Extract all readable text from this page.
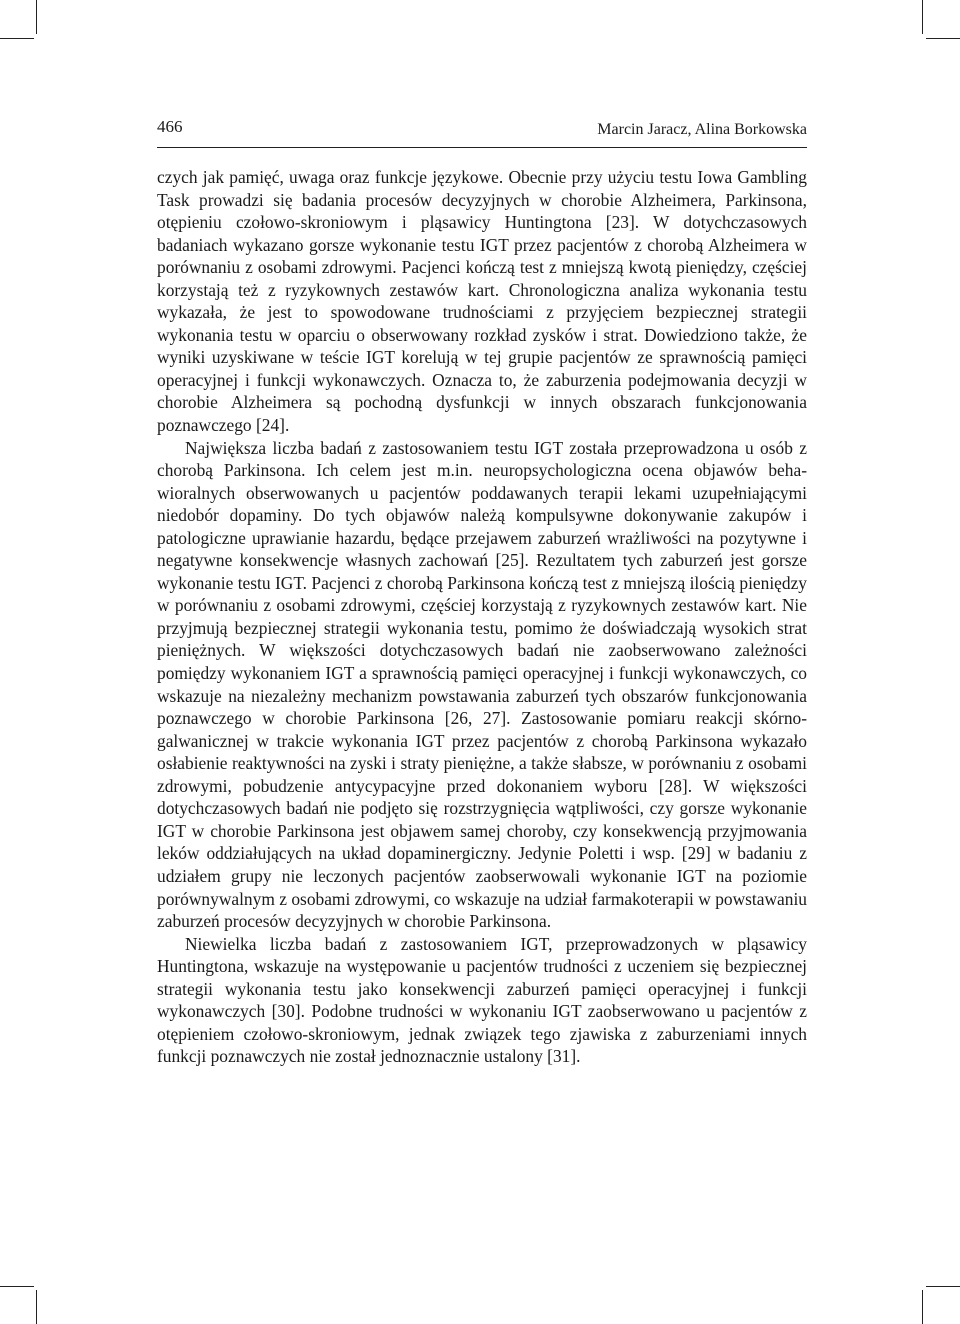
466	Marcin Jaracz, Alina Borkowska

czych jak pamięć, uwaga oraz funkcje językowe. Obecnie przy użyciu testu Iowa Gambling Task prowadzi się badania procesów decyzyjnych w chorobie Alzheimera, Parkinsona, otępieniu czołowo-skroniowym i pląsawicy Huntingtona [23]. W dotychczasowych badaniach wykazano gorsze wykonanie testu IGT przez pacjentów z chorobą Alzheimera w porównaniu z osobami zdrowymi. Pacjenci kończą test z mniejszą kwotą pieniędzy, częściej korzystają też z ryzykownych zestawów kart. Chronologiczna analiza wykonania testu wykazała, że jest to spowodowane trudnościami z przyjęciem bezpiecznej strategii wykonania testu w oparciu o obserwowany rozkład zysków i strat. Dowiedziono także, że wyniki uzyskiwane w teście IGT korelują w tej grupie pacjentów ze sprawnością pamięci operacyjnej i funkcji wykonawczych. Oznacza to, że zaburzenia podejmowania decyzji w chorobie Alzheimera są pochodną dysfunkcji w innych obszarach funkcjonowania poznawczego [24].

Największa liczba badań z zastosowaniem testu IGT została przeprowadzona u osób z chorobą Parkinsona. Ich celem jest m.in. neuropsychologiczna ocena objawów behawioralnych obserwowanych u pacjentów poddawanych terapii lekami uzupełniającymi niedobór dopaminy. Do tych objawów należą kompulsywne dokonywanie zakupów i patologiczne uprawianie hazardu, będące przejawem zaburzeń wrażliwości na pozytywne i negatywne konsekwencje własnych zachowań [25]. Rezultatem tych zaburzeń jest gorsze wykonanie testu IGT. Pacjenci z chorobą Parkinsona kończą test z mniejszą ilością pieniędzy w porównaniu z osobami zdrowymi, częściej korzystają z ryzykownych zestawów kart. Nie przyjmują bezpiecznej strategii wykonania testu, pomimo że doświadczają wysokich strat pieniężnych. W większości dotychczasowych badań nie zaobserwowano zależności pomiędzy wykonaniem IGT a sprawnością pamięci operacyjnej i funkcji wykonawczych, co wskazuje na niezależny mechanizm powstawania zaburzeń tych obszarów funkcjonowania poznawczego w chorobie Parkinsona [26, 27]. Zastosowanie pomiaru reakcji skórno-galwanicznej w trakcie wykonania IGT przez pacjentów z chorobą Parkinsona wykazało osłabienie reaktywności na zyski i straty pieniężne, a także słabsze, w porównaniu z osobami zdrowymi, pobudzenie antycypacyjne przed dokonaniem wyboru [28]. W większości dotychczasowych badań nie podjęto się rozstrzygnięcia wątpliwości, czy gorsze wykonanie IGT w chorobie Parkinsona jest objawem samej choroby, czy konsekwencją przyjmowania leków oddziałujących na układ dopaminergiczny. Jedynie Poletti i wsp. [29] w badaniu z udziałem grupy nie leczonych pacjentów zaobserwowali wykonanie IGT na poziomie porównywalnym z osobami zdrowymi, co wskazuje na udział farmakoterapii w powstawaniu zaburzeń procesów decyzyjnych w chorobie Parkinsona.

Niewielka liczba badań z zastosowaniem IGT, przeprowadzonych w pląsawicy Huntingtona, wskazuje na występowanie u pacjentów trudności z uczeniem się bezpiecznej strategii wykonania testu jako konsekwencji zaburzeń pamięci operacyjnej i funkcji wykonawczych [30]. Podobne trudności w wykonaniu IGT zaobserwowano u pacjentów z otępieniem czołowo-skroniowym, jednak związek tego zjawiska z zaburzeniami innych funkcji poznawczych nie został jednoznacznie ustalony [31].
